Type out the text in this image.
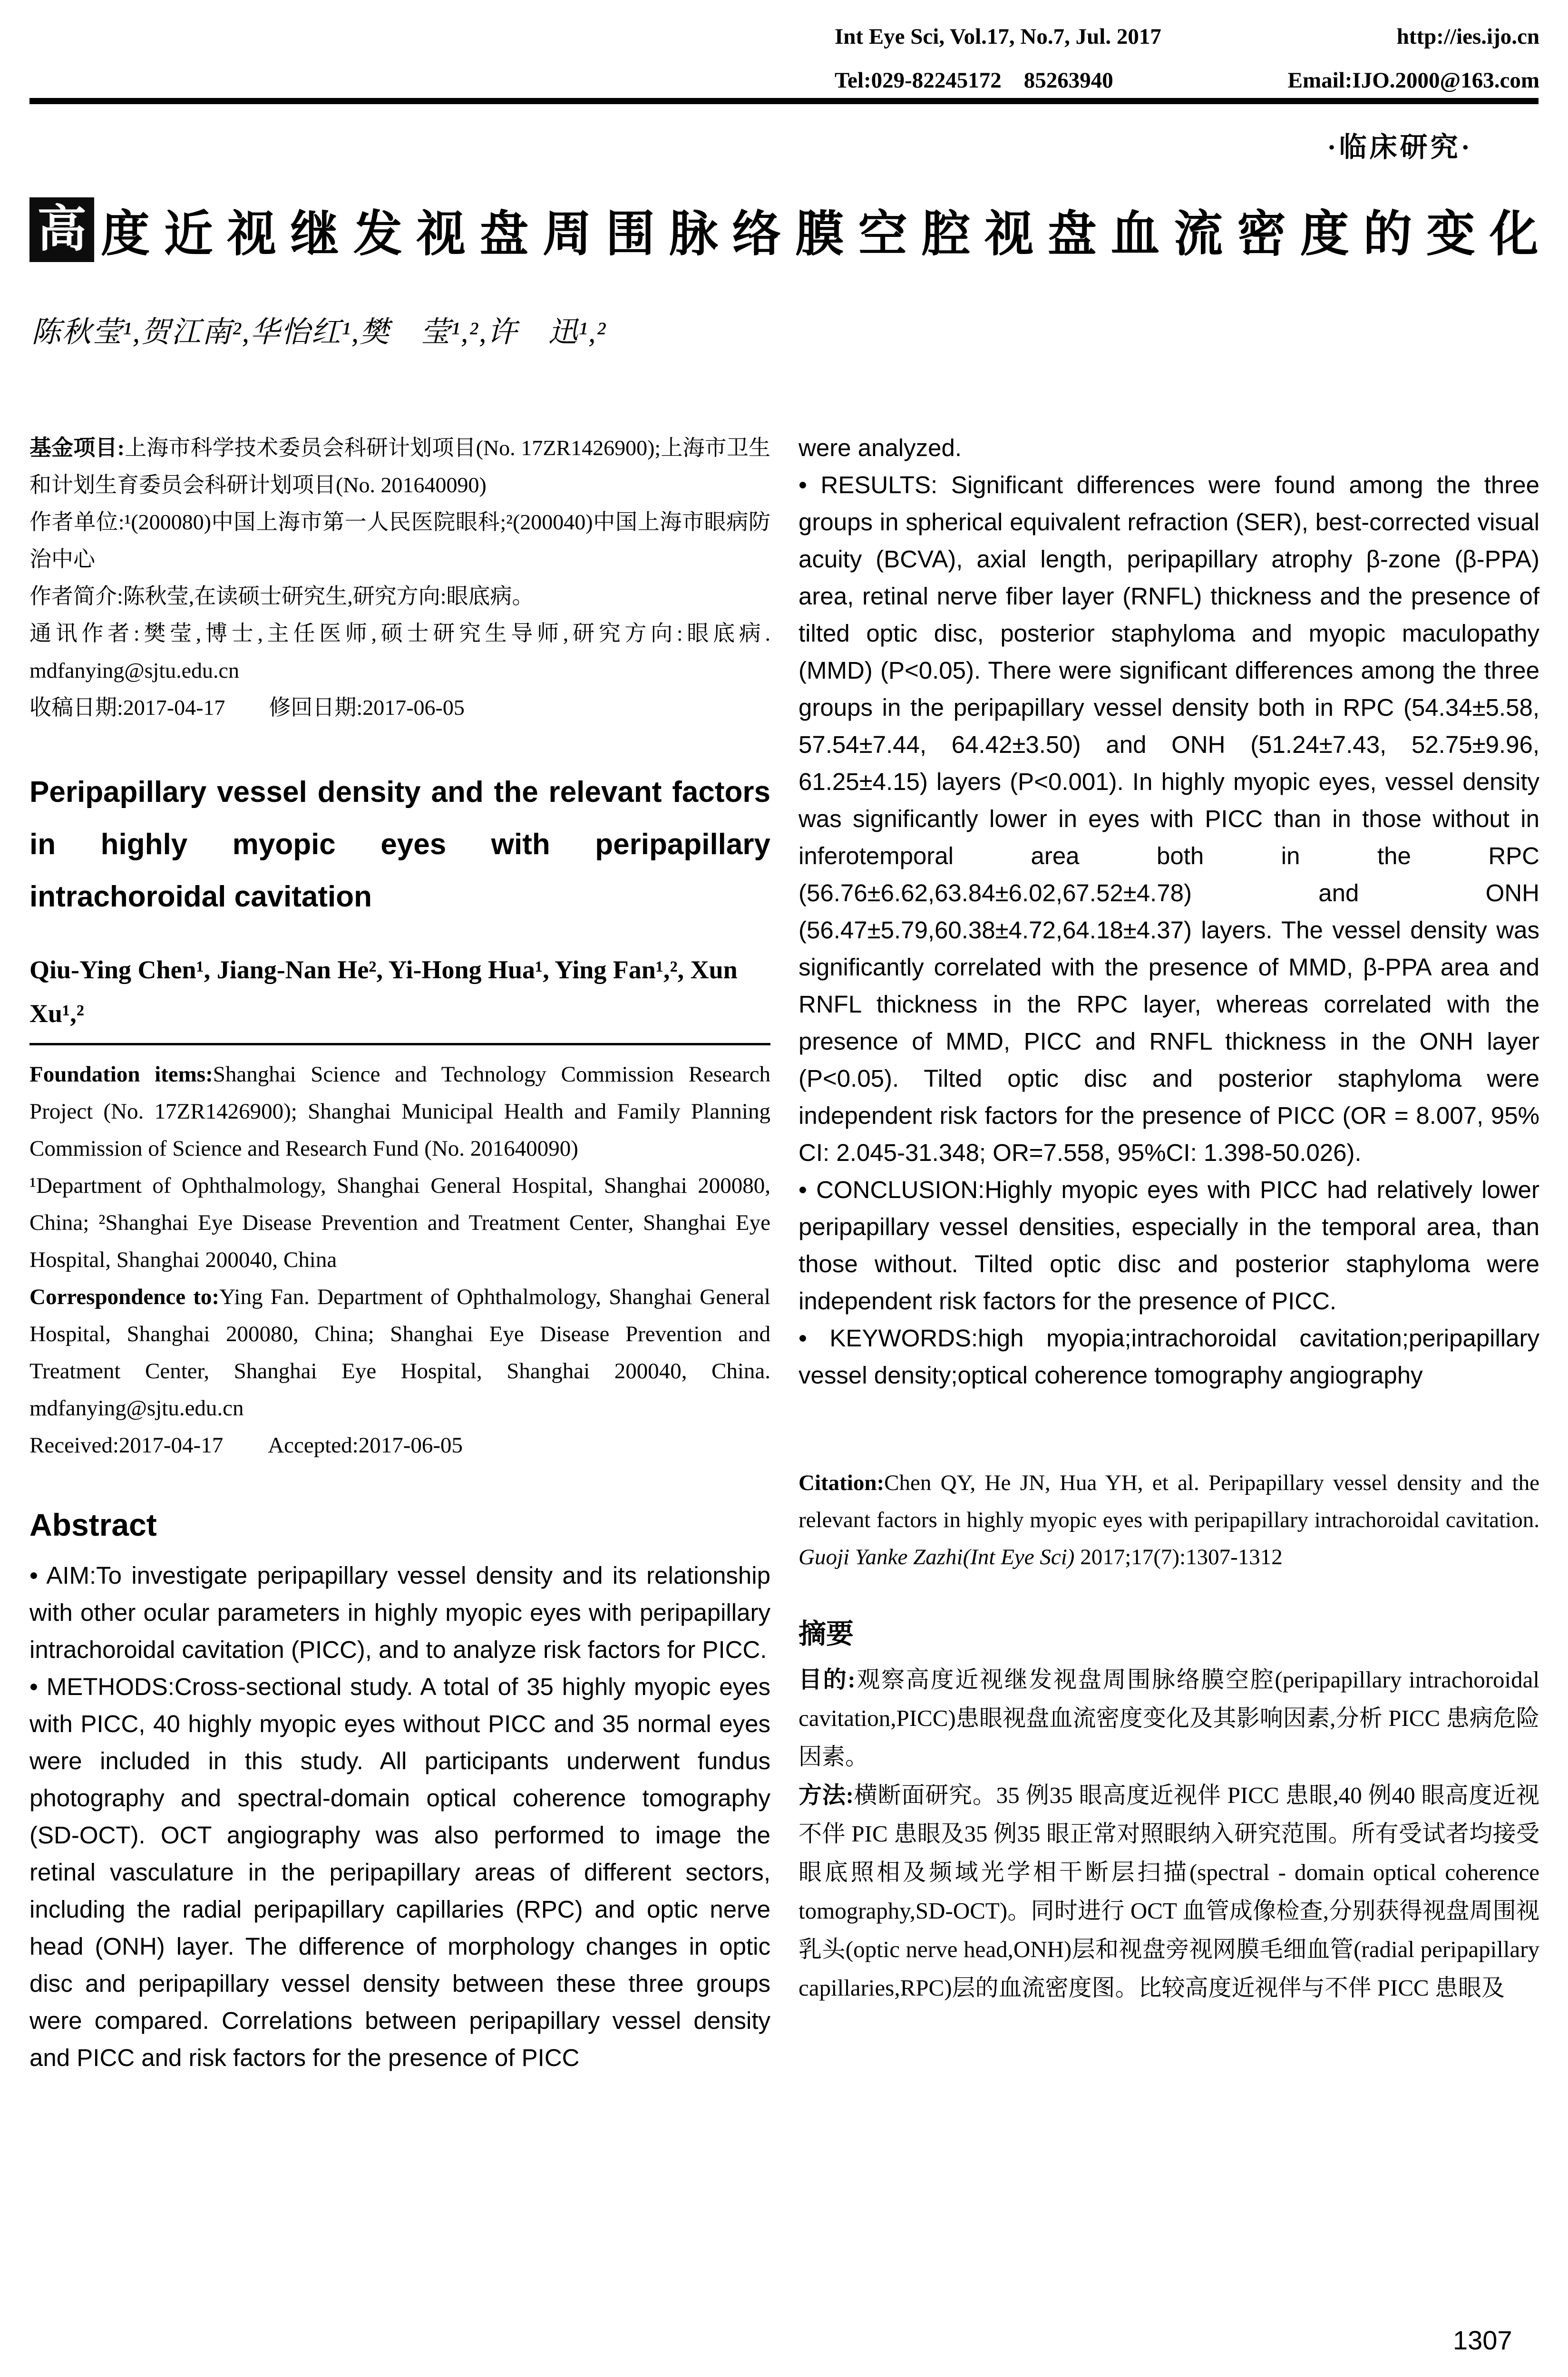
Int Eye Sci, Vol.17, No.7, Jul. 2017	http://ies.ijo.cn
Tel:029-82245172　85263940	Email:IJO.2000@163.com
·临床研究·
高 度 近 视 继 发 视 盘 周 围 脉 络 膜 空 腔 视 盘 血 流 密 度 的 变 化
陈秋莹¹,贺江南²,华怡红¹,樊　莹¹,²,许　迅¹,²

基金项目:上海市科学技术委员会科研计划项目(No. 17ZR1426900);上海市卫生和计划生育委员会科研计划项目(No. 201640090)

作者单位:¹(200080)中国上海市第一人民医院眼科;²(200040)中国上海市眼病防治中心

作者简介:陈秋莹,在读硕士研究生,研究方向:眼底病。

通讯作者:樊莹,博士,主任医师,硕士研究生导师,研究方向:眼底病. mdfanying@sjtu.edu.cn

收稿日期:2017-04-17　　修回日期:2017-06-05

Peripapillary vessel density and the relevant factors in highly myopic eyes with peripapillary intrachoroidal cavitation
Qiu-Ying Chen¹, Jiang-Nan He², Yi-Hong Hua¹, Ying Fan¹,², Xun Xu¹,²

Foundation items:Shanghai Science and Technology Commission Research Project (No. 17ZR1426900); Shanghai Municipal Health and Family Planning Commission of Science and Research Fund (No. 201640090)

¹Department of Ophthalmology, Shanghai General Hospital, Shanghai 200080, China; ²Shanghai Eye Disease Prevention and Treatment Center, Shanghai Eye Hospital, Shanghai 200040, China

Correspondence to:Ying Fan. Department of Ophthalmology, Shanghai General Hospital, Shanghai 200080, China; Shanghai Eye Disease Prevention and Treatment Center, Shanghai Eye Hospital, Shanghai 200040, China. mdfanying@sjtu.edu.cn

Received:2017-04-17　　Accepted:2017-06-05

Abstract

• AIM:To investigate peripapillary vessel density and its relationship with other ocular parameters in highly myopic eyes with peripapillary intrachoroidal cavitation (PICC), and to analyze risk factors for PICC.

• METHODS:Cross-sectional study. A total of 35 highly myopic eyes with PICC, 40 highly myopic eyes without PICC and 35 normal eyes were included in this study. All participants underwent fundus photography and spectral-domain optical coherence tomography (SD-OCT). OCT angiography was also performed to image the retinal vasculature in the peripapillary areas of different sectors, including the radial peripapillary capillaries (RPC) and optic nerve head (ONH) layer. The difference of morphology changes in optic disc and peripapillary vessel density between these three groups were compared. Correlations between peripapillary vessel density and PICC and risk factors for the presence of PICC

were analyzed.

• RESULTS: Significant differences were found among the three groups in spherical equivalent refraction (SER), best-corrected visual acuity (BCVA), axial length, peripapillary atrophy β-zone (β-PPA) area, retinal nerve fiber layer (RNFL) thickness and the presence of tilted optic disc, posterior staphyloma and myopic maculopathy (MMD) (P<0.05). There were significant differences among the three groups in the peripapillary vessel density both in RPC (54.34±5.58, 57.54±7.44, 64.42±3.50) and ONH (51.24±7.43, 52.75±9.96, 61.25±4.15) layers (P<0.001). In highly myopic eyes, vessel density was significantly lower in eyes with PICC than in those without in inferotemporal area both in the RPC (56.76±6.62,63.84±6.02,67.52±4.78) and ONH (56.47±5.79,60.38±4.72,64.18±4.37) layers. The vessel density was significantly correlated with the presence of MMD, β-PPA area and RNFL thickness in the RPC layer, whereas correlated with the presence of MMD, PICC and RNFL thickness in the ONH layer (P<0.05). Tilted optic disc and posterior staphyloma were independent risk factors for the presence of PICC (OR = 8.007, 95% CI: 2.045-31.348; OR=7.558, 95%CI: 1.398-50.026).

• CONCLUSION:Highly myopic eyes with PICC had relatively lower peripapillary vessel densities, especially in the temporal area, than those without. Tilted optic disc and posterior staphyloma were independent risk factors for the presence of PICC.

• KEYWORDS:high myopia;intrachoroidal cavitation;peripapillary vessel density;optical coherence tomography angiography

Citation:Chen QY, He JN, Hua YH, et al. Peripapillary vessel density and the relevant factors in highly myopic eyes with peripapillary intrachoroidal cavitation. Guoji Yanke Zazhi(Int Eye Sci) 2017;17(7):1307-1312
摘要

目的:观察高度近视继发视盘周围脉络膜空腔(peripapillary intrachoroidal cavitation,PICC)患眼视盘血流密度变化及其影响因素,分析 PICC 患病危险因素。

方法:横断面研究。35 例35 眼高度近视伴 PICC 患眼,40 例40 眼高度近视不伴 PIC 患眼及35 例35 眼正常对照眼纳入研究范围。所有受试者均接受眼底照相及频域光学相干断层扫描(spectral - domain optical coherence tomography,SD-OCT)。同时进行 OCT 血管成像检查,分别获得视盘周围视乳头(optic nerve head,ONH)层和视盘旁视网膜毛细血管(radial peripapillary capillaries,RPC)层的血流密度图。比较高度近视伴与不伴 PICC 患眼及

1307
